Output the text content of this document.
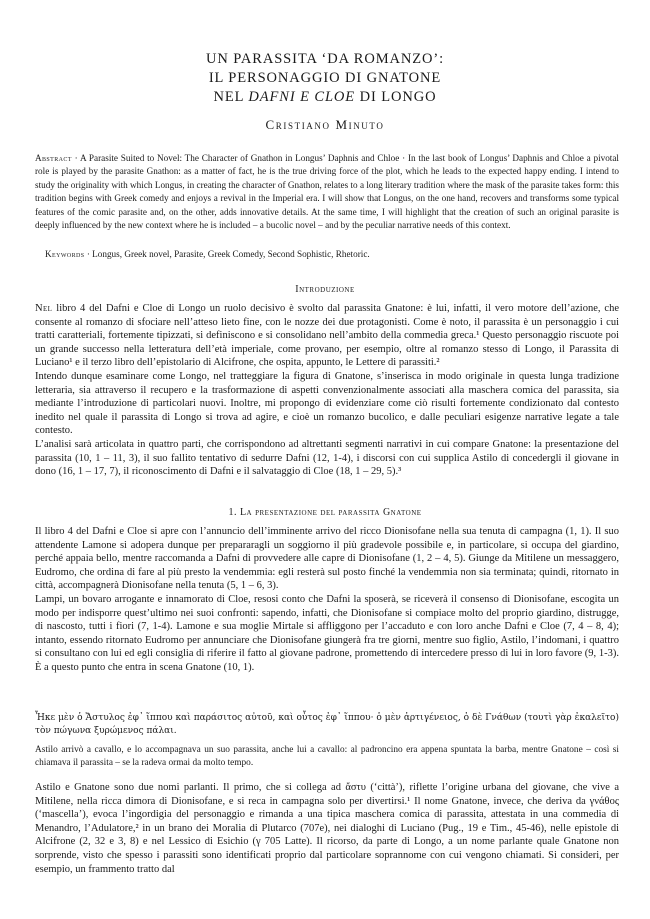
UN PARASSITA ‘DA ROMANZO’:
IL PERSONAGGIO DI GNATONE
NEL DAFNI E CLOE DI LONGO
Cristiano Minuto
Abstract · A Parasite Suited to Novel: The Character of Gnathon in Longus’ Daphnis and Chloe · In the last book of Longus’ Daphnis and Chloe a pivotal role is played by the parasite Gnathon: as a matter of fact, he is the true driving force of the plot, which he leads to the expected happy ending. I intend to study the originality with which Longus, in creating the character of Gnathon, relates to a long literary tradition where the mask of the parasite takes form: this tradition begins with Greek comedy and enjoys a revival in the Imperial era. I will show that Longus, on the one hand, recovers and transforms some typical features of the comic parasite and, on the other, adds innovative details. At the same time, I will highlight that the creation of such an original parasite is deeply influenced by the new context where he is included – a bucolic novel – and by the peculiar narrative needs of this context.
Keywords · Longus, Greek novel, Parasite, Greek Comedy, Second Sophistic, Rhetoric.
Introduzione

Nel libro 4 del Dafni e Cloe di Longo un ruolo decisivo è svolto dal parassita Gnatone: è lui, infatti, il vero motore dell’azione, che consente al romanzo di sfociare nell’atteso lieto fine, con le nozze dei due protagonisti. Come è noto, il parassita è un personaggio i cui tratti caratteriali, fortemente tipizzati, si definiscono e si consolidano nell’ambito della commedia greca.¹ Questo personaggio riscuote poi un grande successo nella letteratura dell’età imperiale, come provano, per esempio, oltre al romanzo stesso di Longo, il Parassita di Luciano¹ e il terzo libro dell’epistolario di Alcifrone, che ospita, appunto, le Lettere di parassiti.²

Intendo dunque esaminare come Longo, nel tratteggiare la figura di Gnatone, s’inserisca in modo originale in questa lunga tradizione letteraria, sia attraverso il recupero e la trasformazione di aspetti convenzionalmente associati alla maschera comica del parassita, sia mediante l’introduzione di particolari nuovi. Inoltre, mi propongo di evidenziare come ciò risulti fortemente condizionato dal contesto inedito nel quale il parassita di Longo si trova ad agire, e cioè un romanzo bucolico, e dalle peculiari esigenze narrative legate a tale contesto.

L’analisi sarà articolata in quattro parti, che corrispondono ad altrettanti segmenti narrativi in cui compare Gnatone: la presentazione del parassita (10, 1 – 11, 3), il suo fallito tentativo di sedurre Dafni (12, 1-4), i discorsi con cui supplica Astilo di concedergli il giovane in dono (16, 1 – 17, 7), il riconoscimento di Dafni e il salvataggio di Cloe (18, 1 – 29, 5).³

1. La presentazione del parassita Gnatone

Il libro 4 del Dafni e Cloe si apre con l’annuncio dell’imminente arrivo del ricco Dionisofane nella sua tenuta di campagna (1, 1). Il suo attendente Lamone si adopera dunque per prepararagli un soggiorno il più gradevole possibile e, in particolare, si occupa del giardino, perché appaia bello, mentre raccomanda a Dafni di provvedere alle capre di Dionisofane (1, 2 – 4, 5). Giunge da Mitilene un messaggero, Eudromo, che ordina di fare al più presto la vendemmia: egli resterà sul posto finché la vendemmia non sia terminata; quindi, ritornato in città, accompagnerà Dionisofane nella tenuta (5, 1 – 6, 3).

Lampi, un bovaro arrogante e innamorato di Cloe, resosi conto che Dafni la sposerà, se riceverà il consenso di Dionisofane, escogita un modo per indisporre quest’ultimo nei suoi confronti: sapendo, infatti, che Dionisofane si compiace molto del proprio giardino, distrugge, di nascosto, tutti i fiori (7, 1-4). Lamone e sua moglie Mirtale si affliggono per l’accaduto e con loro anche Dafni e Cloe (7, 4 – 8, 4); intanto, essendo ritornato Eudromo per annunciare che Dionisofane giungerà fra tre giorni, mentre suo figlio, Astilo, l’indomani, i quattro si consultano con lui ed egli consiglia di riferire il fatto al giovane padrone, promettendo di intercedere presso di lui in loro favore (9, 1-3). È a questo punto che entra in scena Gnatone (10, 1).

Ἧκε μὲν ὁ Ἄστυλος ἐφ᾽ ἵππου καὶ παράσιτος αὐτοῦ, καὶ οὗτος ἐφ᾽ ἵππου· ὁ μὲν ἀρτιγένειος, ὁ δὲ Γνάθων (τουτὶ γὰρ ἐκαλεῖτο) τὸν πώγωνα ξυρώμενος πάλαι.

Astilo arrivò a cavallo, e lo accompagnava un suo parassita, anche lui a cavallo: al padroncino era appena spuntata la barba, mentre Gnatone – così si chiamava il parassita – se la radeva ormai da molto tempo.

Astilo e Gnatone sono due nomi parlanti. Il primo, che si collega ad ἄστυ (‘città’), riflette l’origine urbana del giovane, che vive a Mitilene, nella ricca dimora di Dionisofane, e si reca in campagna solo per divertirsi.¹ Il nome Gnatone, invece, che deriva da γνάθος (‘mascella’), evoca l’ingordigia del personaggio e rimanda a una tipica maschera comica di parassita, attestata in una commedia di Menandro, l’Adulatore,² in un brano dei Moralia di Plutarco (707e), nei dialoghi di Luciano (Pug., 19 e Tim., 45-46), nelle epistole di Alcifrone (2, 32 e 3, 8) e nel Lessico di Esichio (γ 705 Latte). Il ricorso, da parte di Longo, a un nome parlante quale Gnatone non sorprende, visto che spesso i parassiti sono identificati proprio dal particolare soprannome con cui vengono chiamati. Si consideri, per esempio, un frammento tratto dal
